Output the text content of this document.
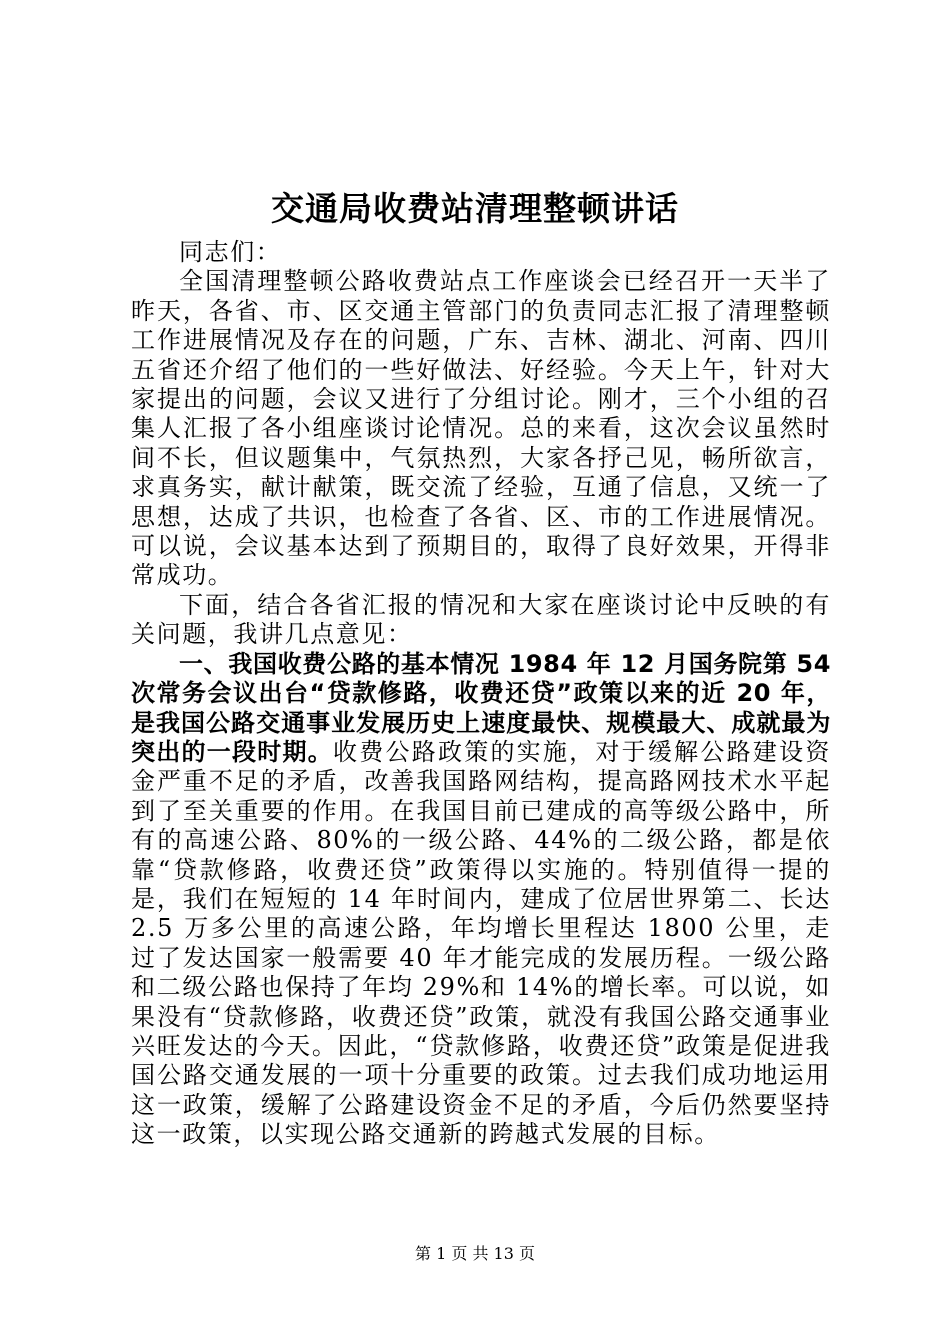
交通局收费站清理整顿讲话

同志们：

全国清理整顿公路收费站点工作座谈会已经召开一天半了昨天，各省、市、区交通主管部门的负责同志汇报了清理整顿工作进展情况及存在的问题，广东、吉林、湖北、河南、四川五省还介绍了他们的一些好做法、好经验。今天上午，针对大家提出的问题，会议又进行了分组讨论。刚才，三个小组的召集人汇报了各小组座谈讨论情况。总的来看，这次会议虽然时间不长，但议题集中，气氛热烈，大家各抒己见，畅所欲言，求真务实，献计献策，既交流了经验，互通了信息，又统一了思想，达成了共识，也检查了各省、区、市的工作进展情况。可以说，会议基本达到了预期目的，取得了良好效果，开得非常成功。

下面，结合各省汇报的情况和大家在座谈讨论中反映的有关问题，我讲几点意见：

一、我国收费公路的基本情况 1984 年 12 月国务院第 54 次常务会议出台“贷款修路，收费还贷”政策以来的近 20 年，是我国公路交通事业发展历史上速度最快、规模最大、成就最为突出的一段时期。收费公路政策的实施，对于缓解公路建设资金严重不足的矛盾，改善我国路网结构，提高路网技术水平起到了至关重要的作用。在我国目前已建成的高等级公路中，所有的高速公路、80%的一级公路、44%的二级公路，都是依靠“贷款修路，收费还贷”政策得以实施的。特别值得一提的是，我们在短短的 14 年时间内，建成了位居世界第二、长达 2.5 万多公里的高速公路，年均增长里程达 1800 公里，走过了发达国家一般需要 40 年才能完成的发展历程。一级公路和二级公路也保持了年均 29%和 14%的增长率。可以说，如果没有“贷款修路，收费还贷”政策，就没有我国公路交通事业兴旺发达的今天。因此，“贷款修路，收费还贷”政策是促进我国公路交通发展的一项十分重要的政策。过去我们成功地运用这一政策，缓解了公路建设资金不足的矛盾，今后仍然要坚持这一政策，以实现公路交通新的跨越式发展的目标。

第 1 页 共 13 页
